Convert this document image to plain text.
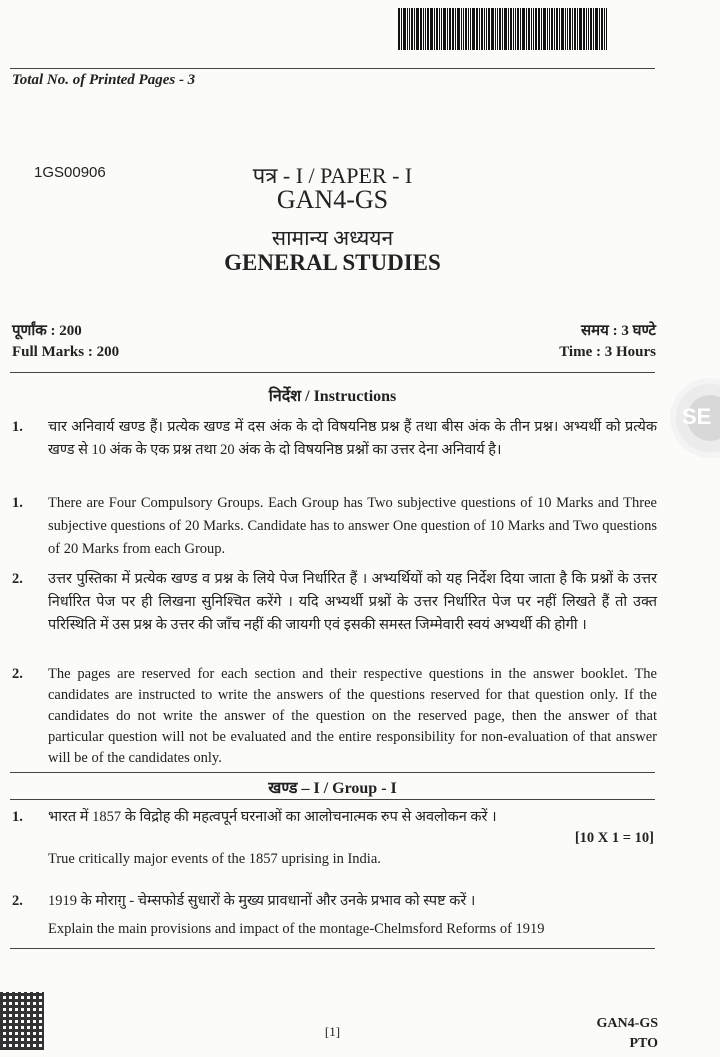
Total No. of Printed Pages - 3
1GS00906	पत्र - I / PAPER - I
GAN4-GS
सामान्य अध्ययन
GENERAL STUDIES
पूर्णांक : 200
Full Marks : 200
समय : 3 घण्टे
Time : 3 Hours
निर्देश / Instructions
1.	चार अनिवार्य खण्ड हैं। प्रत्येक खण्ड में दस अंक के दो विषयनिष्ठ प्रश्न हैं तथा बीस अंक के तीन प्रश्न। अभ्यर्थी को प्रत्येक खण्ड से 10 अंक के एक प्रश्न तथा 20 अंक के दो विषयनिष्ठ प्रश्नों का उत्तर देना अनिवार्य है।
1.	There are Four Compulsory Groups. Each Group has Two subjective questions of 10 Marks and Three subjective questions of 20 Marks. Candidate has to answer One question of 10 Marks and Two questions of 20 Marks from each Group.
2.	उत्तर पुस्तिका में प्रत्येक खण्ड व प्रश्न के लिये पेज निर्धारित हैं । अभ्यर्थियों को यह निर्देश दिया जाता है कि प्रश्नों के उत्तर निर्धारित पेज पर ही लिखना सुनिश्चित करेंगे । यदि अभ्यर्थी प्रश्नों के उत्तर निर्धारित पेज पर नहीं लिखते हैं तो उक्त परिस्थिति में उस प्रश्न के उत्तर की जाँच नहीं की जायगी एवं इसकी समस्त जिम्मेवारी स्वयं अभ्यर्थी की होगी ।
2.	The pages are reserved for each section and their respective questions in the answer booklet. The candidates are instructed to write the answers of the questions reserved for that question only. If the candidates do not write the answer of the question on the reserved page, then the answer of that particular question will not be evaluated and the entire responsibility for non-evaluation of that answer will be of the candidates only.
खण्ड – I / Group - I
1.	भारत में 1857 के विद्रोह की महत्वपूर्न घरनाओं का आलोचनात्मक रुप से अवलोकन करें ।
[10 X 1 = 10]
True critically major events of the 1857 uprising in India.
2.	1919 के मोराग़ु - चेम्सफोर्ड सुधारों के मुख्य प्रावधानों और उनके प्रभाव को स्पष्ट करें ।
Explain the main provisions and impact of the montage-Chelmsford Reforms of 1919
[1]
GAN4-GS
PTO
SE
